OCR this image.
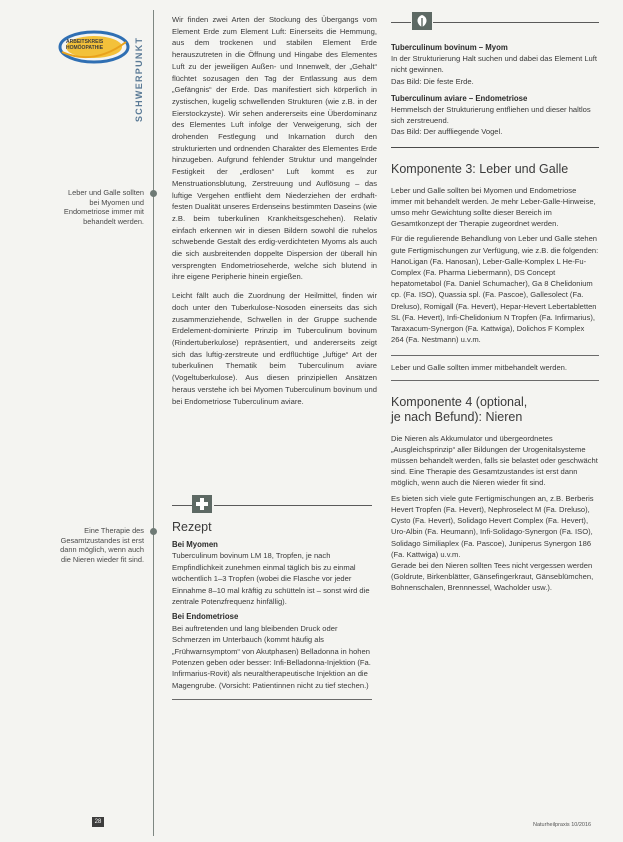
ARBEITSKREIS HOMÖOPATHIE	SCHWERPUNKT
Leber und Galle sollten bei Myomen und Endometriose immer mit behandelt werden.
Eine Therapie des Gesamtzustandes ist erst dann möglich, wenn auch die Nieren wieder fit sind.
28

Wir finden zwei Arten der Stockung des Übergangs vom Element Erde zum Element Luft: Einerseits die Hemmung, aus dem trockenen und stabilen Element Erde herauszutreten in die Öffnung und Hingabe des Elementes Luft zu der jeweiligen Außen- und Innenwelt, der „Gehalt“ flüchtet sozusagen den Tag der Entlassung aus dem „Gefängnis“ der Erde. Das manifestiert sich körperlich in zystischen, kugelig schwellenden Strukturen (wie z.B. in der Eierstockzyste). Wir sehen andererseits eine Überdominanz des Elementes Luft infolge der Verweigerung, sich der drohenden Festlegung und Inkarnation durch den strukturierten und ordnenden Charakter des Elementes Erde hinzugeben. Aufgrund fehlender Struktur und mangelnder Festigkeit der „erdlosen“ Luft kommt es zur Menstruationsblutung, Zerstreuung und Auflösung – das luftige Vergehen entflieht dem Niederziehen der erdhaft-festen Dualität unseres Erdenseins bestimmten Daseins (wie z.B. beim tuberkulinen Krankheitsgeschehen). Relativ einfach erkennen wir in diesen Bildern sowohl die ruhelos schwebende Gestalt des erdig-verdichteten Myoms als auch die sich ausbreitenden doppelte Dispersion der überall hin versprengten Endometrioseherde, welche sich blutend in ihre eigene Peripherie hinein ergießen.

Leicht fällt auch die Zuordnung der Heilmittel, finden wir doch unter den Tuberkulose-Nosoden einerseits das sich zusammenziehende, Schwellen in der Gruppe suchende Erdelement-dominierte Prinzip im Tuberculinum bovinum (Rindertuberkulose) repräsentiert, und andererseits zeigt sich das luftig-zerstreute und erdflüchtige „luftige“ Art der tuberkulinen Thematik beim Tuberculinum aviare (Vogeltuberkulose). Aus diesen prinzipiellen Ansätzen heraus verstehe ich bei Myomen Tuberculinum bovinum und bei Endometriose Tuberculinum aviare.

Rezept

Bei Myomen

Tuberculinum bovinum LM 18, Tropfen, je nach Empfindlichkeit zunehmen einmal täglich bis zu einmal wöchentlich 1–3 Tropfen (wobei die Flasche vor jeder Einnahme 8–10 mal kräftig zu schütteln ist – sonst wird die zentrale Potenzfrequenz hinfällig).

Bei Endometriose

Bei auftretenden und lang bleibenden Druck oder Schmerzen im Unterbauch (kommt häufig als „Frühwarnsymptom“ von Akutphasen) Belladonna in hohen Potenzen geben oder besser: Infi-Belladonna-Injektion (Fa. Infirmarius-Rovit) als neuraltherapeutische Injektion an die Magengrube. (Vorsicht: Patientinnen nicht zu tief stechen.)

Tuberculinum bovinum – Myom

In der Strukturierung Halt suchen und dabei das Element Luft nicht gewinnen.

Das Bild: Die feste Erde.

Tuberculinum aviare – Endometriose

Hemmelsch der Strukturierung entfliehen und dieser haltlos sich zerstreuend.

Das Bild: Der auffliegende Vogel.

Komponente 3: Leber und Galle

Leber und Galle sollten bei Myomen und Endometriose immer mit behandelt werden. Je mehr Leber-Galle-Hinweise, umso mehr Gewichtung sollte dieser Bereich im Gesamtkonzept der Therapie zugeordnet werden.

Für die regulierende Behandlung von Leber und Galle stehen gute Fertigmischungen zur Verfügung, wie z.B. die folgenden: HanoLigan (Fa. Hanosan), Leber-Galle-Komplex L He-Fu-Complex (Fa. Pharma Liebermann), DS Concept hepatometabol (Fa. Daniel Schumacher), Ga 8 Chelidonium cp. (Fa. ISO), Quassia spl. (Fa. Pascoe), Gallesolect (Fa. Dreluso), Romigall (Fa. Hevert), Hepar-Hevert Lebertabletten SL (Fa. Hevert), Infi-Chelidonium N Tropfen (Fa. Infirmarius), Taraxacum-Synergon (Fa. Kattwiga), Dolichos F Komplex 264 (Fa. Nestmann) u.v.m.

Leber und Galle sollten immer mitbehandelt werden.

Komponente 4 (optional,
je nach Befund): Nieren

Die Nieren als Akkumulator und übergeordnetes „Ausgleichsprinzip“ aller Bildungen der Urogenitalsysteme müssen behandelt werden, falls sie belastet oder geschwächt sind. Eine Therapie des Gesamtzustandes ist erst dann möglich, wenn auch die Nieren wieder fit sind.

Es bieten sich viele gute Fertigmischungen an, z.B. Berberis Hevert Tropfen (Fa. Hevert), Nephroselect M (Fa. Dreluso), Cysto (Fa. Hevert), Solidago Hevert Complex (Fa. Hevert), Uro-Albin (Fa. Heumann), Infi-Solidago-Synergon (Fa. ISO), Solidago Similiaplex (Fa. Pascoe), Juniperus Synergon 186 (Fa. Kattwiga) u.v.m.

Gerade bei den Nieren sollten Tees nicht vergessen werden (Goldrute, Birkenblätter, Gänsefingerkraut, Gänseblümchen, Bohnenschalen, Brennnessel, Wacholder usw.).

Naturheilpraxis 10/2016
